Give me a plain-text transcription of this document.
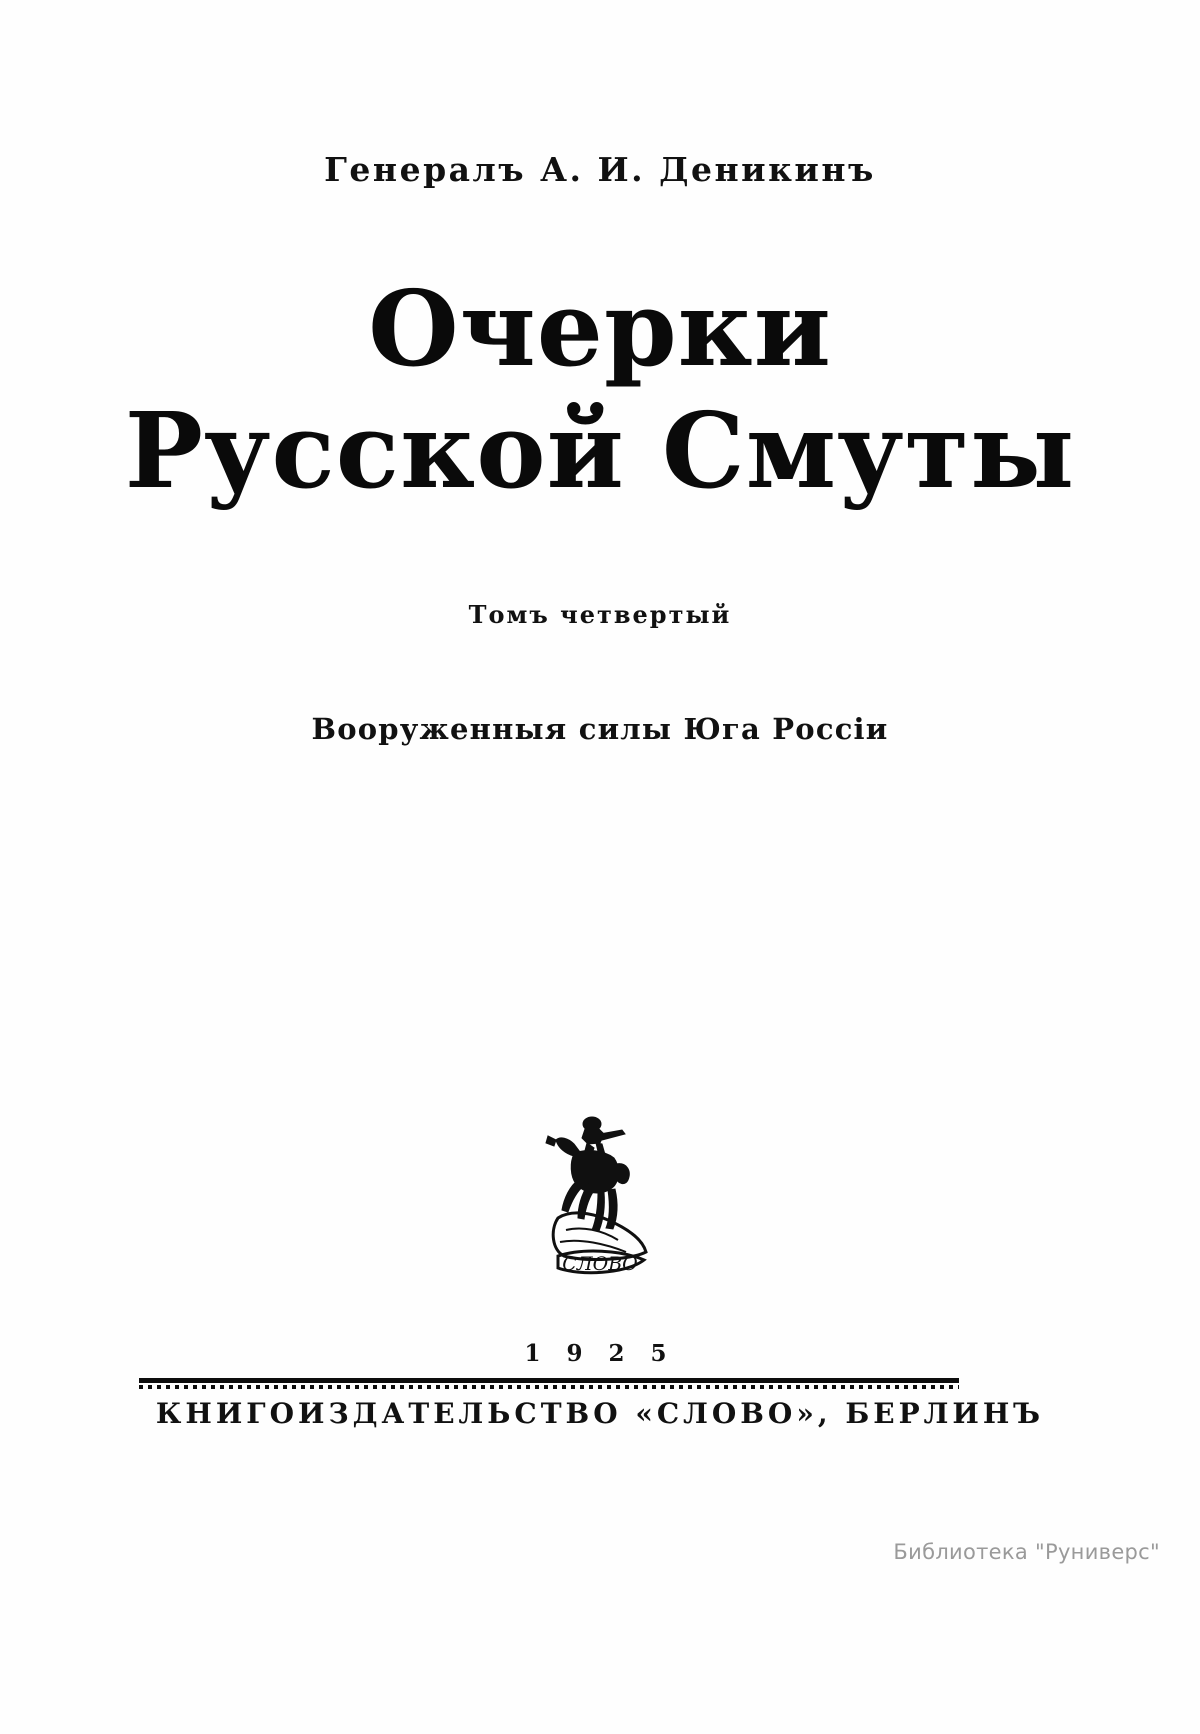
Генералъ А. И. Деникинъ
Очерки
Русской Смуты
Томъ четвертый
Вооруженныя силы Юга Россiи
СЛОВО
1 9 2 5
КНИГОИЗДАТЕЛЬСТВО «СЛОВО», БЕРЛИНЪ
Библиотека "Руниверс"
